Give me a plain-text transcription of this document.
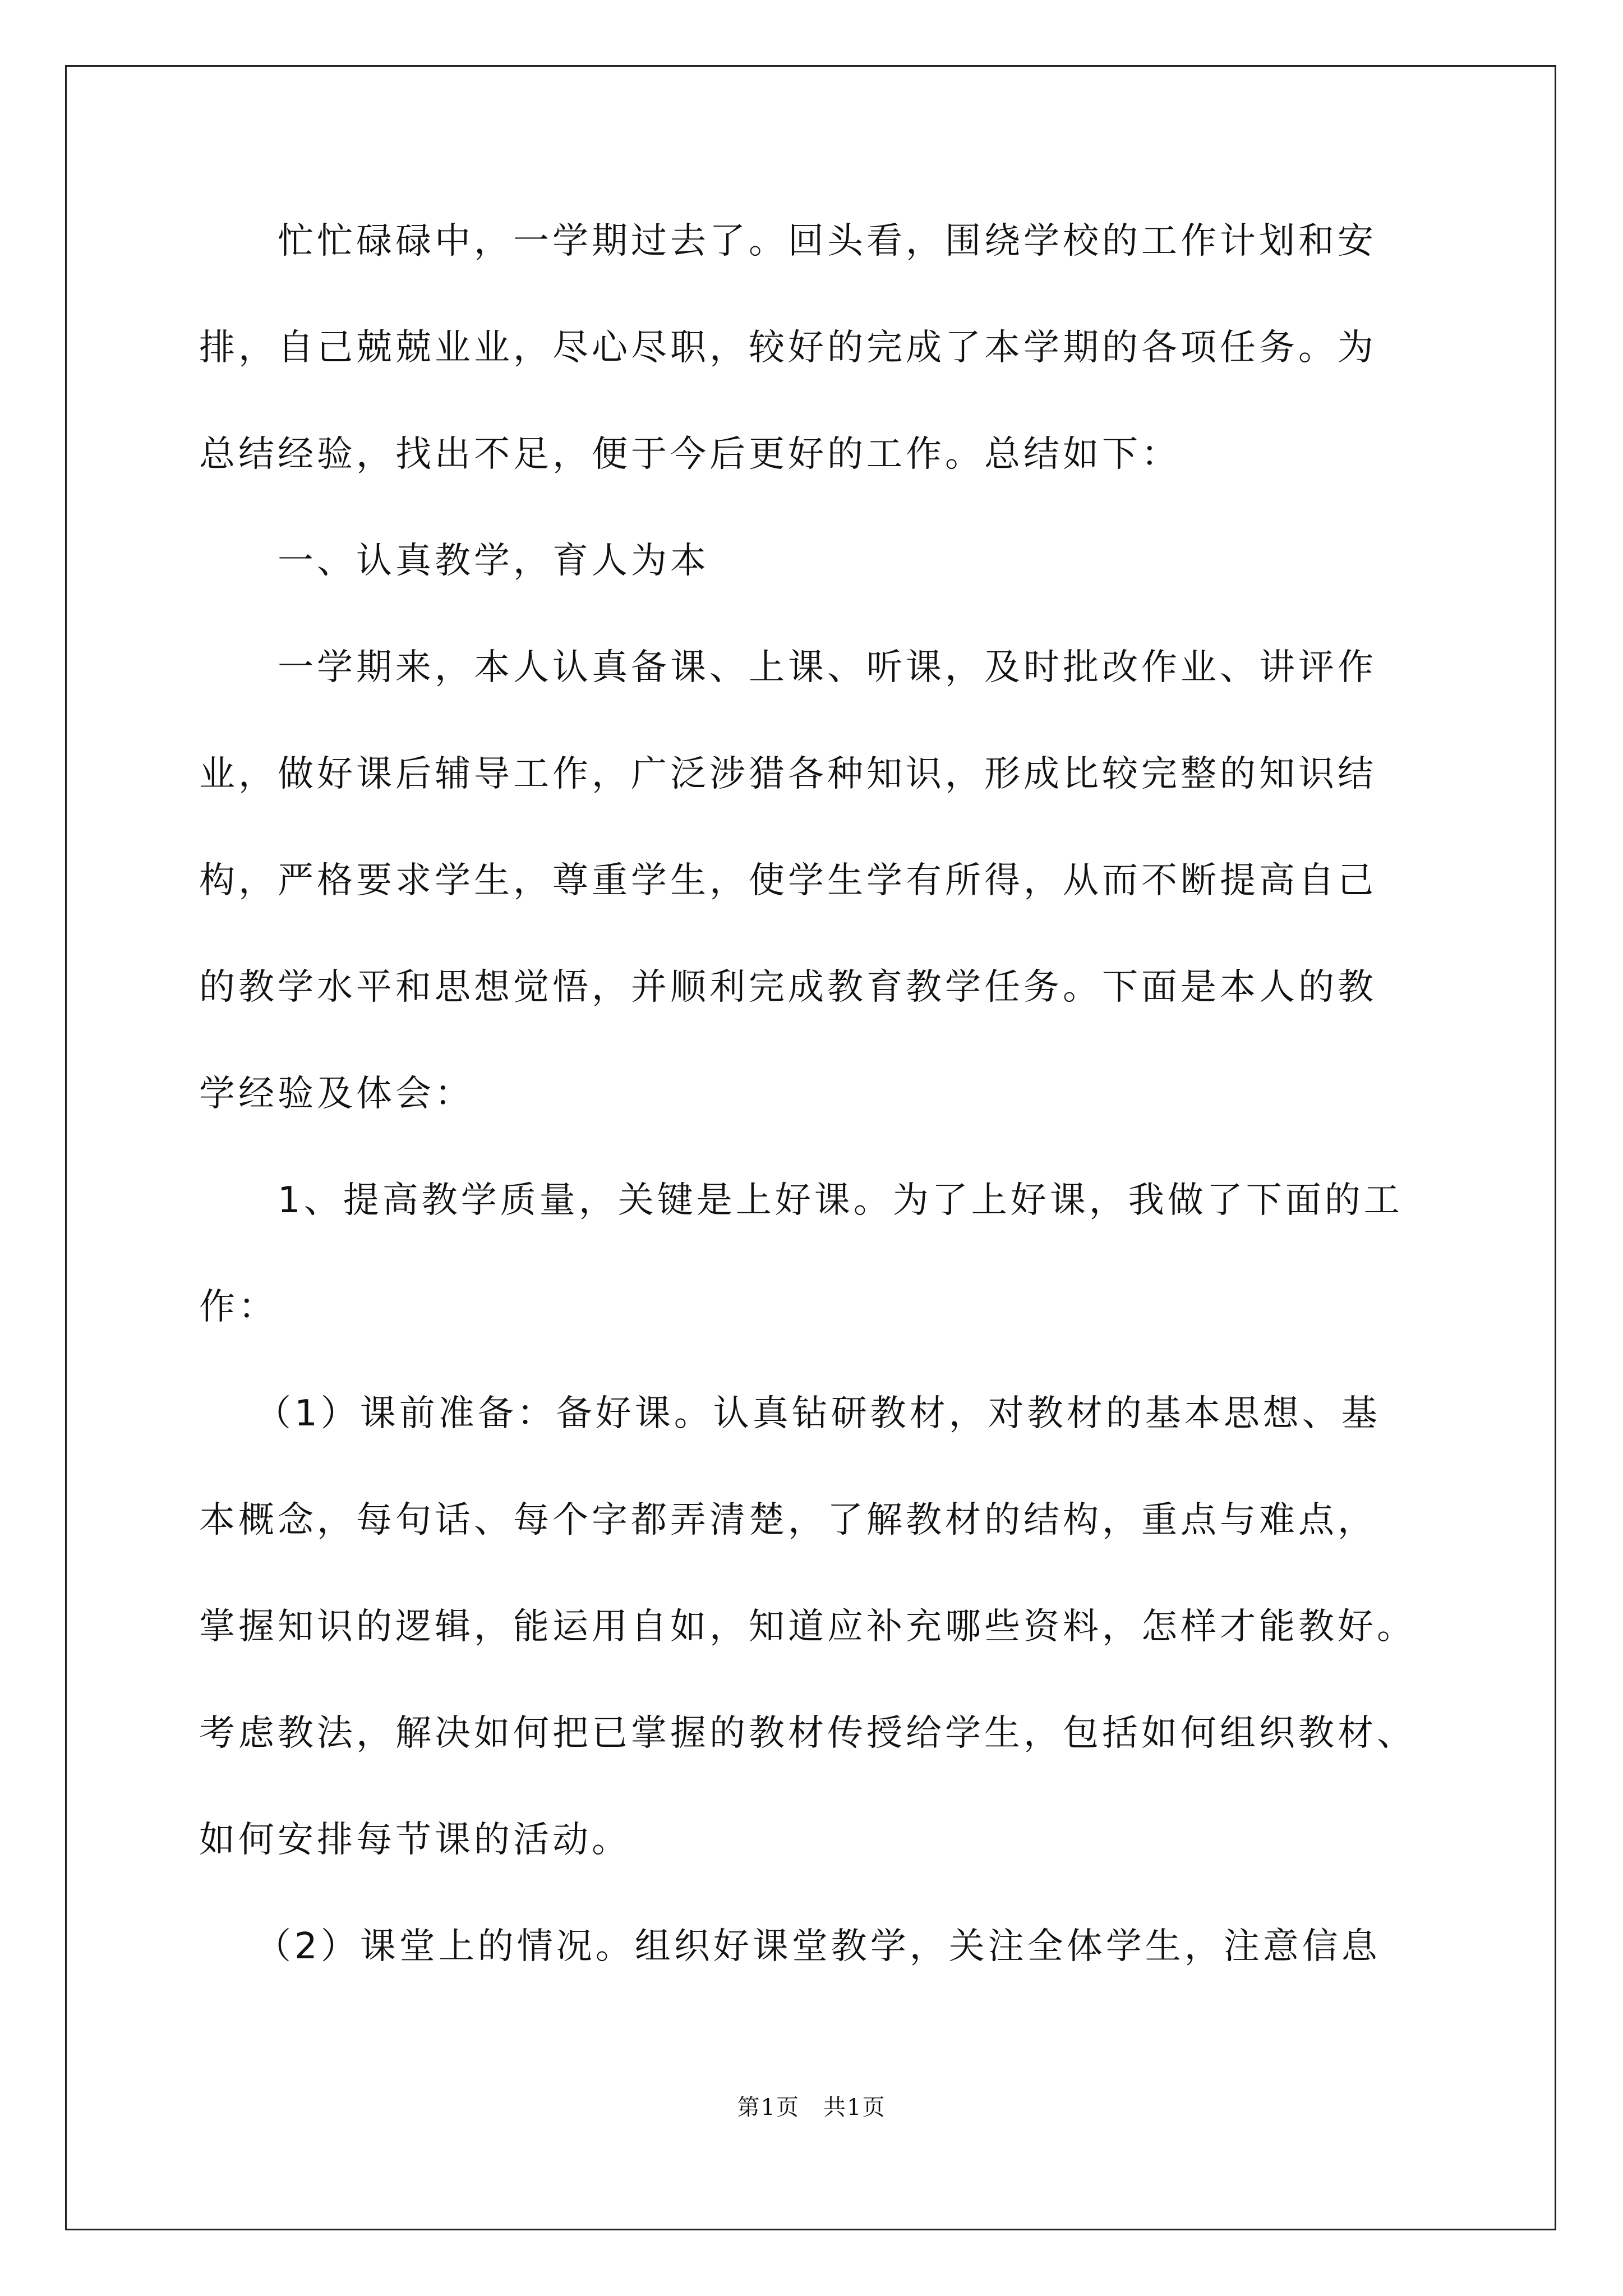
忙忙碌碌中，一学期过去了。回头看，围绕学校的工作计划和安
排，自己兢兢业业，尽心尽职，较好的完成了本学期的各项任务。为
总结经验，找出不足，便于今后更好的工作。总结如下：
一、认真教学，育人为本
一学期来，本人认真备课、上课、听课，及时批改作业、讲评作
业，做好课后辅导工作，广泛涉猎各种知识，形成比较完整的知识结
构，严格要求学生，尊重学生，使学生学有所得，从而不断提高自己
的教学水平和思想觉悟，并顺利完成教育教学任务。下面是本人的教
学经验及体会：
1、提高教学质量，关键是上好课。为了上好课，我做了下面的工
作：
（1）课前准备：备好课。认真钻研教材，对教材的基本思想、基
本概念，每句话、每个字都弄清楚，了解教材的结构，重点与难点，
掌握知识的逻辑，能运用自如，知道应补充哪些资料，怎样才能教好。
考虑教法，解决如何把已掌握的教材传授给学生，包括如何组织教材、
如何安排每节课的活动。
（2）课堂上的情况。组织好课堂教学，关注全体学生，注意信息
第1页　共1页
